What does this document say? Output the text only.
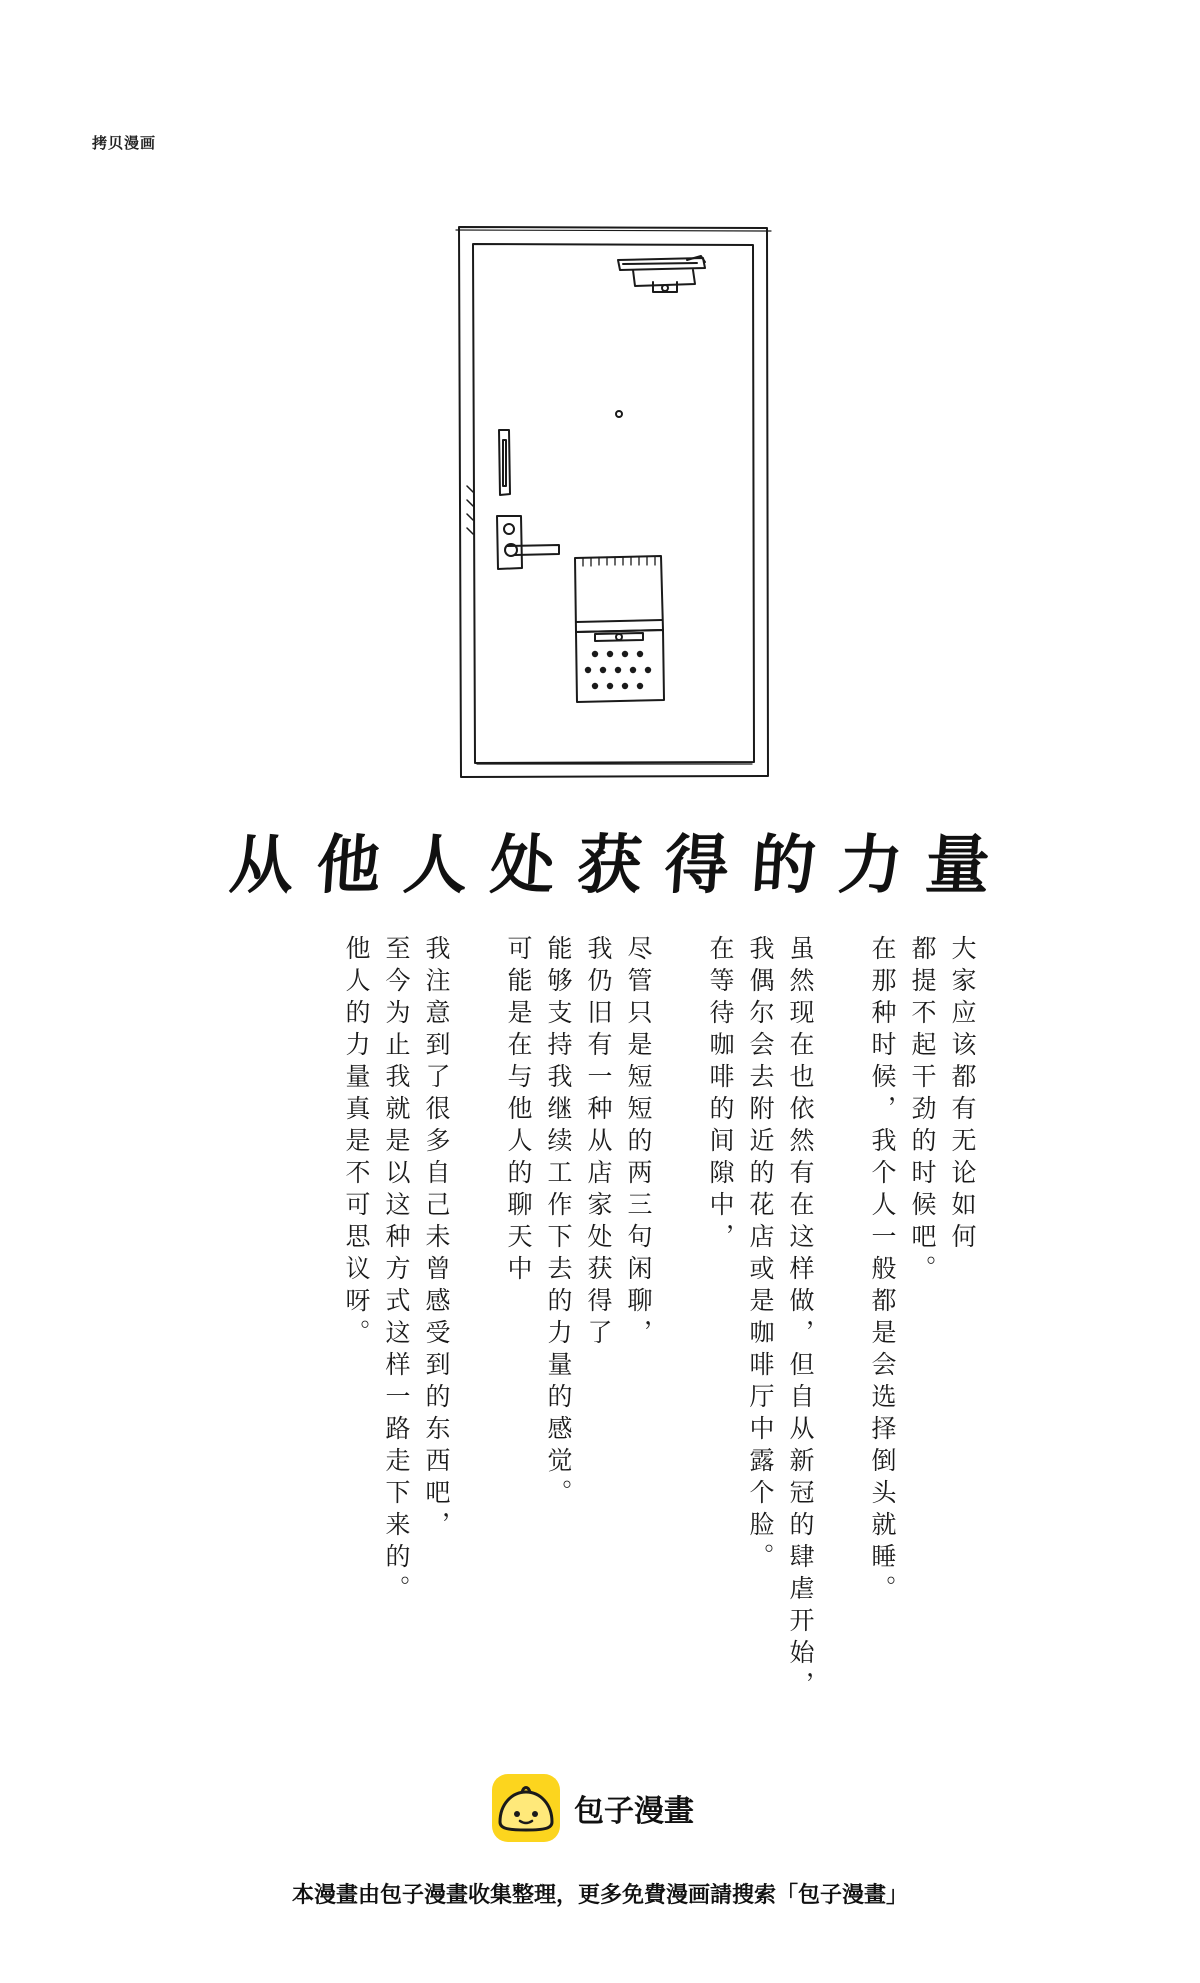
拷贝漫画
从 他 人 处 获 得 的 力 量
大家应该都有无论如何
都提不起干劲的时候吧。
在那种时候，我个人一般都是会选择倒头就睡。
虽然现在也依然有在这样做，但自从新冠的肆虐开始，
我偶尔会去附近的花店或是咖啡厅中露个脸。
在等待咖啡的间隙中，
尽管只是短短的两三句闲聊，
我仍旧有一种从店家处获得了
能够支持我继续工作下去的力量的感觉。
可能是在与他人的聊天中
我注意到了很多自己未曾感受到的东西吧，
至今为止我就是以这种方式这样一路走下来的。
他人的力量真是不可思议呀。
包子漫畫
本漫畫由包子漫畫收集整理，更多免費漫画請搜索「包子漫畫」
